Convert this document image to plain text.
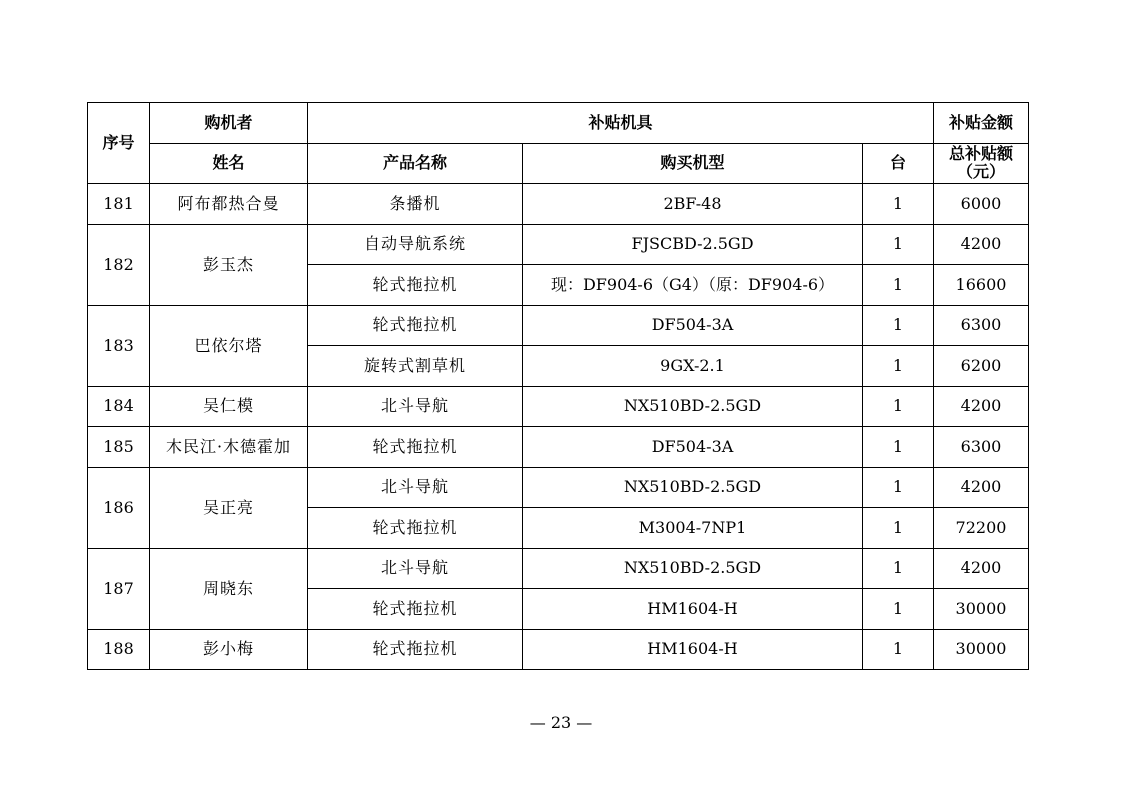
序号	购机者	补贴机具			补贴金额
	姓名	产品名称	购买机型	台	总补贴额
（元）

181	阿布都热合曼	条播机	2BF-48	1	6000
182	彭玉杰	自动导航系统	FJSCBD-2.5GD	1	4200
		轮式拖拉机	现：DF904-6（G4）（原：DF904-6）	1	16600
183	巴依尔塔	轮式拖拉机	DF504-3A	1	6300
		旋转式割草机	9GX-2.1	1	6200
184	吴仁模	北斗导航	NX510BD-2.5GD	1	4200
185	木民江·木德霍加	轮式拖拉机	DF504-3A	1	6300
186	吴正亮	北斗导航	NX510BD-2.5GD	1	4200
		轮式拖拉机	M3004-7NP1	1	72200
187	周晓东	北斗导航	NX510BD-2.5GD	1	4200
		轮式拖拉机	HM1604-H	1	30000
188	彭小梅	轮式拖拉机	HM1604-H	1	30000
— 23 —
